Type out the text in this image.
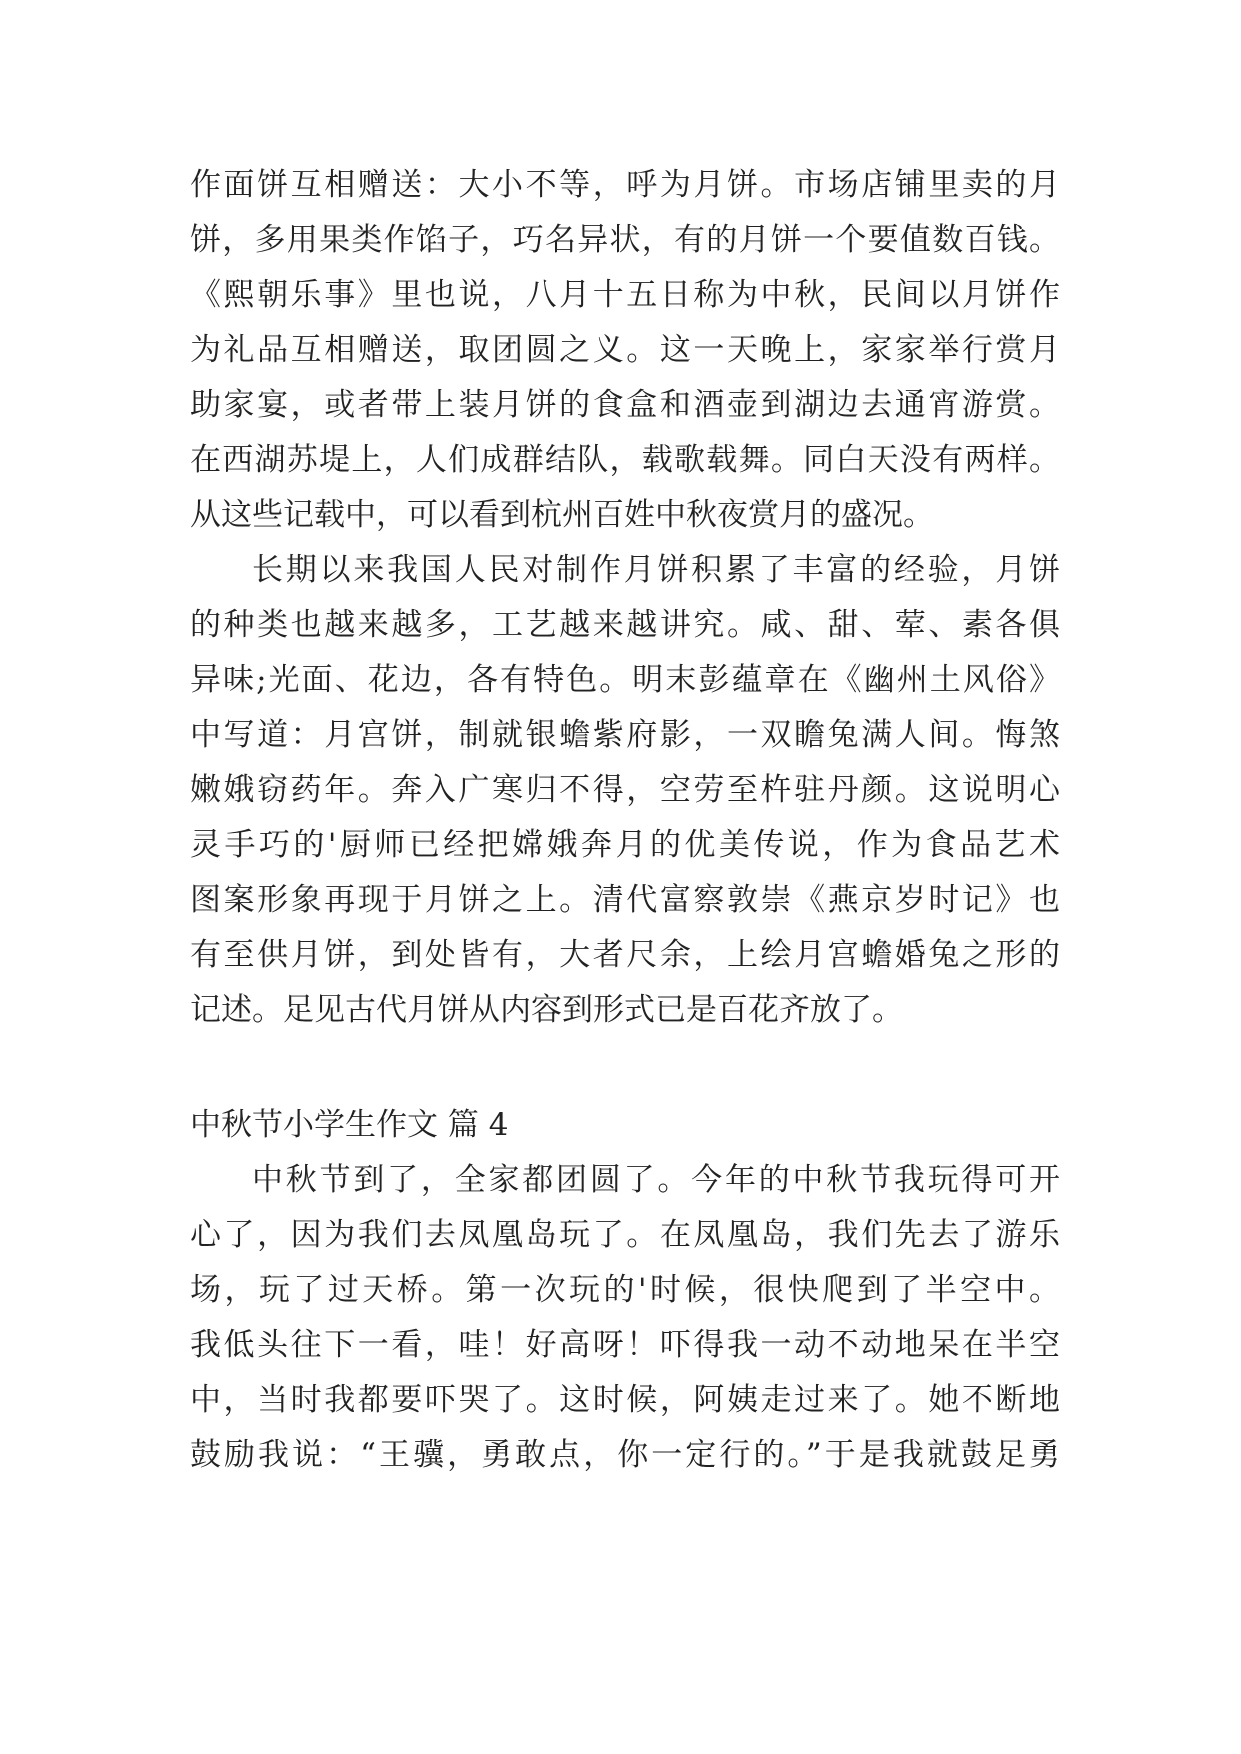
作面饼互相赠送：大小不等，呼为月饼。市场店铺里卖的月
饼，多用果类作馅子，巧名异状，有的月饼一个要值数百钱。
《熙朝乐事》里也说，八月十五日称为中秋，民间以月饼作
为礼品互相赠送，取团圆之义。这一天晚上，家家举行赏月
助家宴，或者带上装月饼的食盒和酒壶到湖边去通宵游赏。
在西湖苏堤上，人们成群结队，载歌载舞。同白天没有两样。
从这些记载中，可以看到杭州百姓中秋夜赏月的盛况。
长期以来我国人民对制作月饼积累了丰富的经验，月饼
的种类也越来越多，工艺越来越讲究。咸、甜、荤、素各俱
异味;光面、花边，各有特色。明末彭蕴章在《幽州土风俗》
中写道：月宫饼，制就银蟾紫府影，一双瞻兔满人间。悔煞
嫩娥窃药年。奔入广寒归不得，空劳至杵驻丹颜。这说明心
灵手巧的'厨师已经把嫦娥奔月的优美传说，作为食品艺术
图案形象再现于月饼之上。清代富察敦崇《燕京岁时记》也
有至供月饼，到处皆有，大者尺余，上绘月宫蟾婚兔之形的
记述。足见古代月饼从内容到形式已是百花齐放了。
中秋节小学生作文 篇 4
中秋节到了，全家都团圆了。今年的中秋节我玩得可开
心了，因为我们去凤凰岛玩了。在凤凰岛，我们先去了游乐
场，玩了过天桥。第一次玩的'时候，很快爬到了半空中。
我低头往下一看，哇！好高呀！吓得我一动不动地呆在半空
中，当时我都要吓哭了。这时候，阿姨走过来了。她不断地
鼓励我说：“王骥，勇敢点，你一定行的。”于是我就鼓足勇
